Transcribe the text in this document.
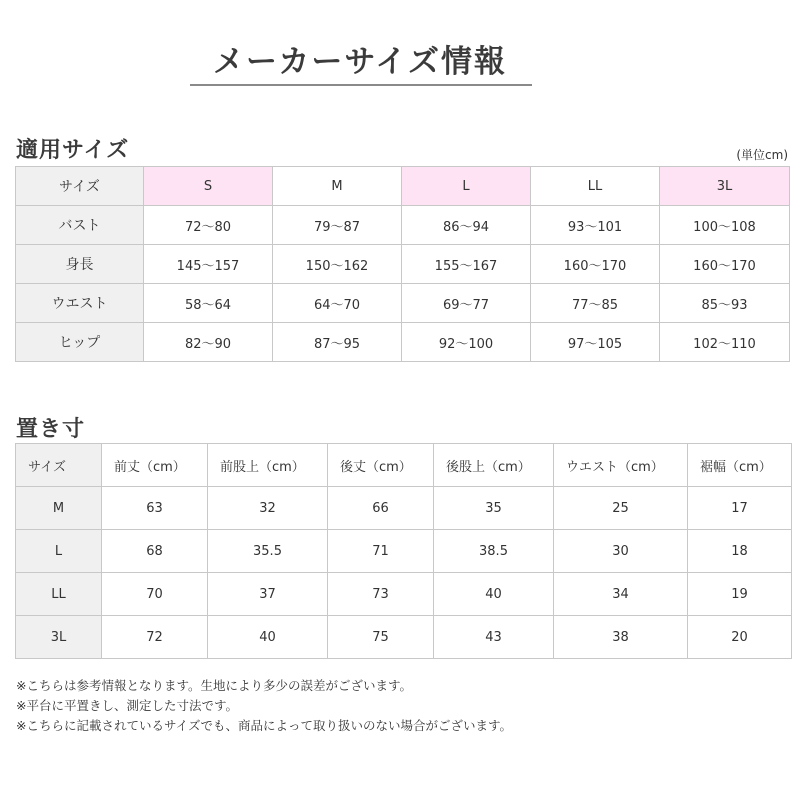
メーカーサイズ情報
適用サイズ	(単位cm)
サイズ	S	M	L	LL	3L
バスト	72〜80	79〜87	86〜94	93〜101	100〜108
身長	145〜157	150〜162	155〜167	160〜170	160〜170
ウエスト	58〜64	64〜70	69〜77	77〜85	85〜93
ヒップ	82〜90	87〜95	92〜100	97〜105	102〜110
置き寸
サイズ	前丈（cm）	前股上（cm）	後丈（cm）	後股上（cm）	ウエスト（cm）	裾幅（cm）
M	63	32	66	35	25	17
L	68	35.5	71	38.5	30	18
LL	70	37	73	40	34	19
3L	72	40	75	43	38	20
※こちらは参考情報となります。生地により多少の誤差がございます。
※平台に平置きし、測定した寸法です。
※こちらに記載されているサイズでも、商品によって取り扱いのない場合がございます。
